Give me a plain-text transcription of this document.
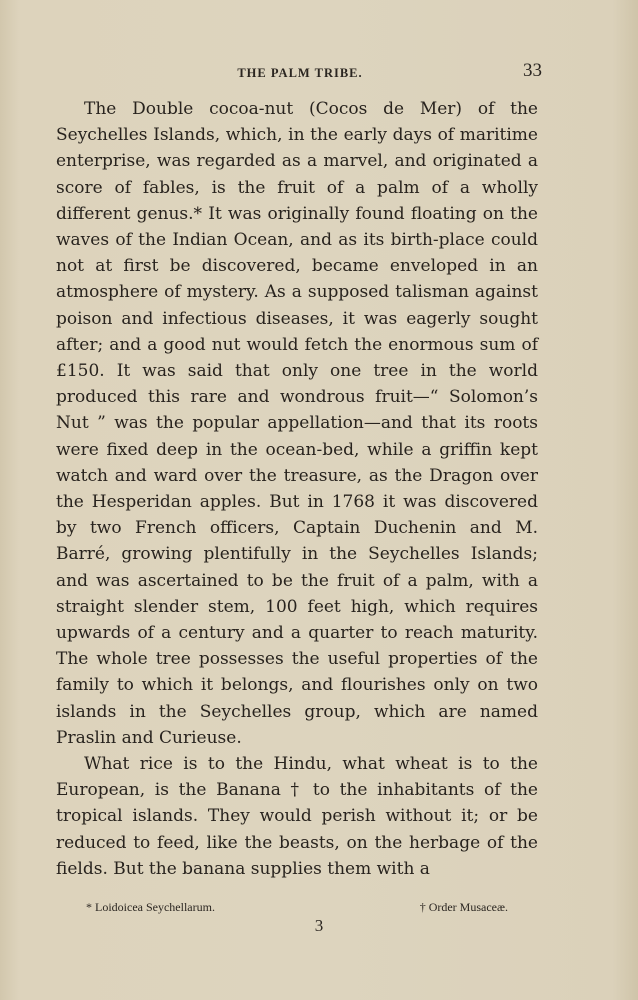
THE PALM TRIBE.	33

The Double cocoa-nut (Cocos de Mer) of the Seychelles Islands, which, in the early days of maritime enterprise, was regarded as a marvel, and originated a score of fables, is the fruit of a palm of a wholly different genus.* It was originally found floating on the waves of the Indian Ocean, and as its birth-place could not at first be discovered, became enveloped in an atmosphere of mystery. As a supposed talisman against poison and infectious diseases, it was eagerly sought after; and a good nut would fetch the enormous sum of £150. It was said that only one tree in the world produced this rare and wondrous fruit—“ Solomon’s Nut ” was the popular appellation—and that its roots were fixed deep in the ocean-bed, while a griffin kept watch and ward over the treasure, as the Dragon over the Hesperidan apples. But in 1768 it was discovered by two French officers, Captain Duchenin and M. Barré, growing plentifully in the Seychelles Islands; and was ascertained to be the fruit of a palm, with a straight slender stem, 100 feet high, which requires upwards of a century and a quarter to reach maturity. The whole tree possesses the useful properties of the family to which it belongs, and flourishes only on two islands in the Seychelles group, which are named Praslin and Curieuse.

What rice is to the Hindu, what wheat is to the European, is the Banana † to the inhabitants of the tropical islands. They would perish without it; or be reduced to feed, like the beasts, on the herbage of the fields. But the banana supplies them with a

* Loidoicea Seychellarum.	† Order Musaceæ.
3
